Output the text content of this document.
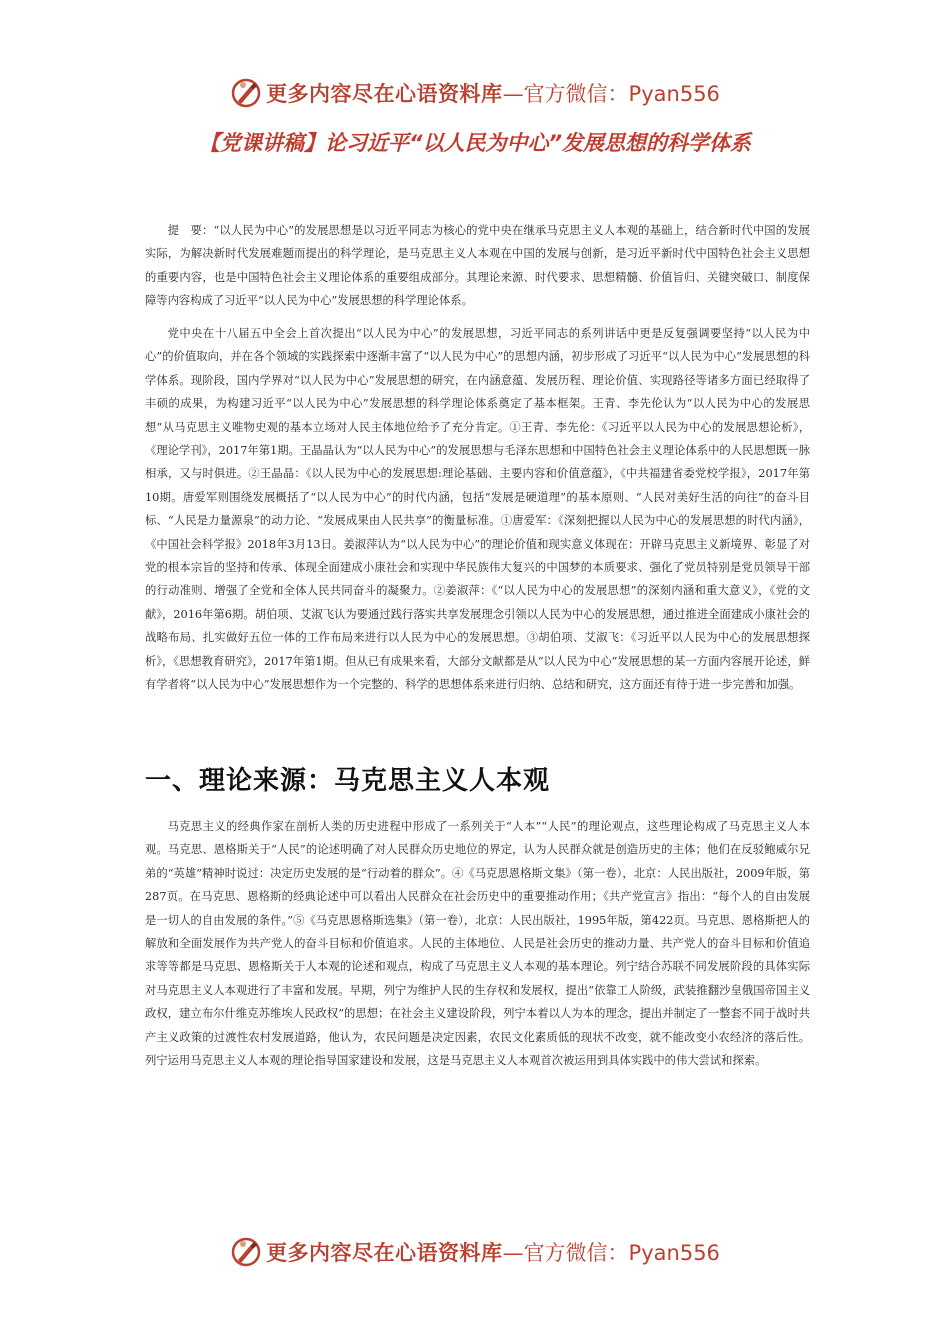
更多内容尽在心语资料库 —官方微信：Pyan556
【党课讲稿】论习近平“以人民为中心”发展思想的科学体系

提　要：“以人民为中心”的发展思想是以习近平同志为核心的党中央在继承马克思主义人本观的基础上，结合新时代中国的发展实际，为解决新时代发展难题而提出的科学理论，是马克思主义人本观在中国的发展与创新，是习近平新时代中国特色社会主义思想的重要内容，也是中国特色社会主义理论体系的重要组成部分。其理论来源、时代要求、思想精髓、价值旨归、关键突破口、制度保障等内容构成了习近平“以人民为中心”发展思想的科学理论体系。

党中央在十八届五中全会上首次提出“以人民为中心”的发展思想，习近平同志的系列讲话中更是反复强调要坚持“以人民为中心”的价值取向，并在各个领域的实践探索中逐渐丰富了“以人民为中心”的思想内涵，初步形成了习近平“以人民为中心”发展思想的科学体系。现阶段，国内学界对“以人民为中心”发展思想的研究，在内涵意蕴、发展历程、理论价值、实现路径等诸多方面已经取得了丰硕的成果，为构建习近平“以人民为中心”发展思想的科学理论体系奠定了基本框架。王青、李先伦认为“以人民为中心的发展思想”从马克思主义唯物史观的基本立场对人民主体地位给予了充分肯定。①王青、李先伦：《习近平以人民为中心的发展思想论析》，《理论学刊》，2017年第1期。王晶晶认为“以人民为中心”的发展思想与毛泽东思想和中国特色社会主义理论体系中的人民思想既一脉相承，又与时俱进。②王晶晶：《以人民为中心的发展思想:理论基础、主要内容和价值意蕴》，《中共福建省委党校学报》，2017年第10期。唐爱军则围绕发展概括了“以人民为中心”的时代内涵，包括“发展是硬道理”的基本原则、“人民对美好生活的向往”的奋斗目标、“人民是力量源泉”的动力论、“发展成果由人民共享”的衡量标准。①唐爱军：《深刻把握以人民为中心的发展思想的时代内涵》，《中国社会科学报》2018年3月13日。姜淑萍认为“以人民为中心”的理论价值和现实意义体现在：开辟马克思主义新境界、彰显了对党的根本宗旨的坚持和传承、体现全面建成小康社会和实现中华民族伟大复兴的中国梦的本质要求、强化了党员特别是党员领导干部的行动准则、增强了全党和全体人民共同奋斗的凝聚力。②姜淑萍：《“以人民为中心的发展思想”的深刻内涵和重大意义》，《党的文献》，2016年第6期。胡伯项、艾淑飞认为要通过践行落实共享发展理念引领以人民为中心的发展思想，通过推进全面建成小康社会的战略布局、扎实做好五位一体的工作布局来进行以人民为中心的发展思想。③胡伯项、艾淑飞：《习近平以人民为中心的发展思想探析》，《思想教育研究》，2017年第1期。但从已有成果来看，大部分文献都是从“以人民为中心”发展思想的某一方面内容展开论述，鲜有学者将“以人民为中心”发展思想作为一个完整的、科学的思想体系来进行归纳、总结和研究，这方面还有待于进一步完善和加强。

一、理论来源：马克思主义人本观

马克思主义的经典作家在剖析人类的历史进程中形成了一系列关于“人本”“人民”的理论观点，这些理论构成了马克思主义人本观。马克思、恩格斯关于“人民”的论述明确了对人民群众历史地位的界定，认为人民群众就是创造历史的主体；他们在反驳鲍威尔兄弟的“英雄”精神时说过：决定历史发展的是“行动着的群众”。④《马克思恩格斯文集》（第一卷），北京：人民出版社，2009年版，第287页。在马克思、恩格斯的经典论述中可以看出人民群众在社会历史中的重要推动作用；《共产党宣言》指出：“每个人的自由发展是一切人的自由发展的条件。”⑤《马克思恩格斯选集》（第一卷），北京：人民出版社，1995年版，第422页。马克思、恩格斯把人的解放和全面发展作为共产党人的奋斗目标和价值追求。人民的主体地位、人民是社会历史的推动力量、共产党人的奋斗目标和价值追求等等都是马克思、恩格斯关于人本观的论述和观点，构成了马克思主义人本观的基本理论。列宁结合苏联不同发展阶段的具体实际对马克思主义人本观进行了丰富和发展。早期，列宁为维护人民的生存权和发展权，提出“依靠工人阶级，武装推翻沙皇俄国帝国主义政权，建立布尔什维克苏维埃人民政权”的思想；在社会主义建设阶段，列宁本着以人为本的理念，提出并制定了一整套不同于战时共产主义政策的过渡性农村发展道路，他认为，农民问题是决定因素，农民文化素质低的现状不改变，就不能改变小农经济的落后性。列宁运用马克思主义人本观的理论指导国家建设和发展，这是马克思主义人本观首次被运用到具体实践中的伟大尝试和探索。

更多内容尽在心语资料库 —官方微信：Pyan556
